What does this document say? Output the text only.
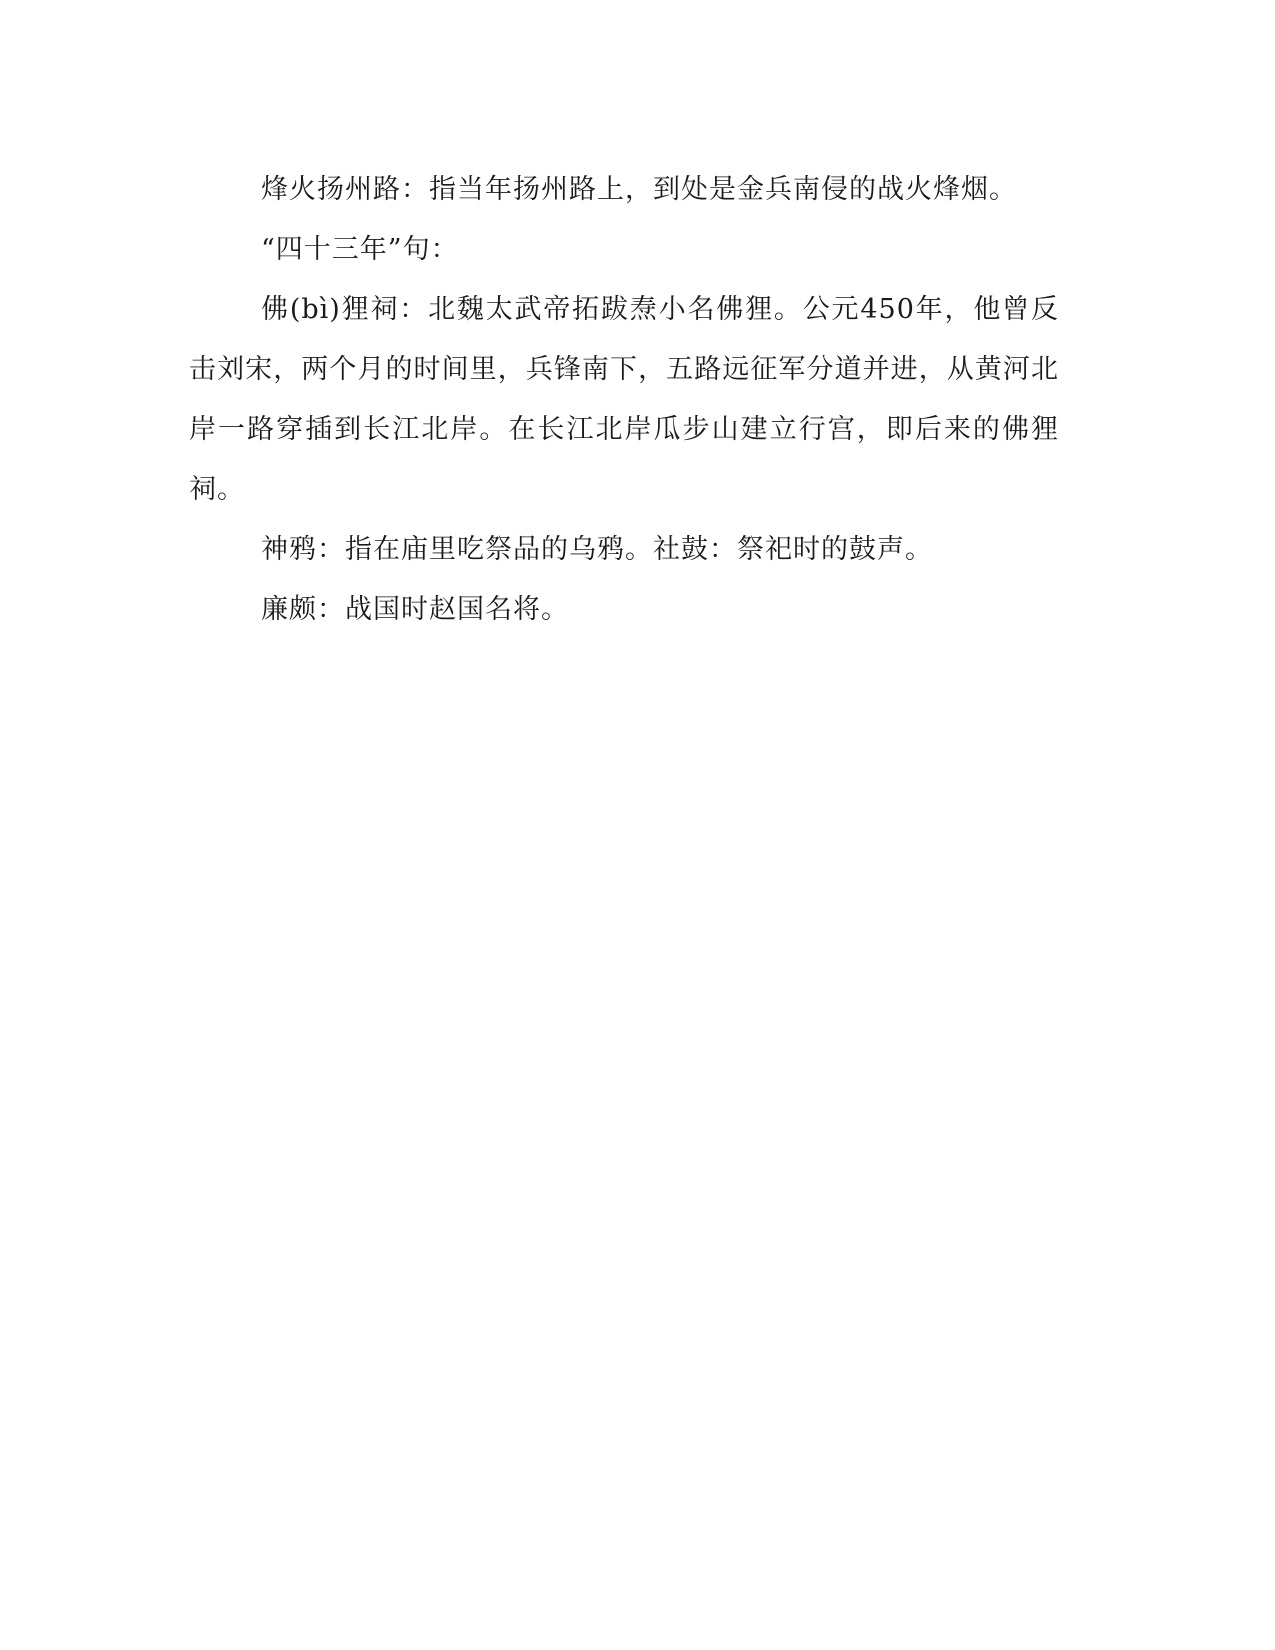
烽火扬州路：指当年扬州路上，到处是金兵南侵的战火烽烟。

“四十三年”句：

佛(bì)狸祠：北魏太武帝拓跋焘小名佛狸。公元450年，他曾反击刘宋，两个月的时间里，兵锋南下，五路远征军分道并进，从黄河北岸一路穿插到长江北岸。在长江北岸瓜步山建立行宫，即后来的佛狸祠。

神鸦：指在庙里吃祭品的乌鸦。社鼓：祭祀时的鼓声。

廉颇：战国时赵国名将。
